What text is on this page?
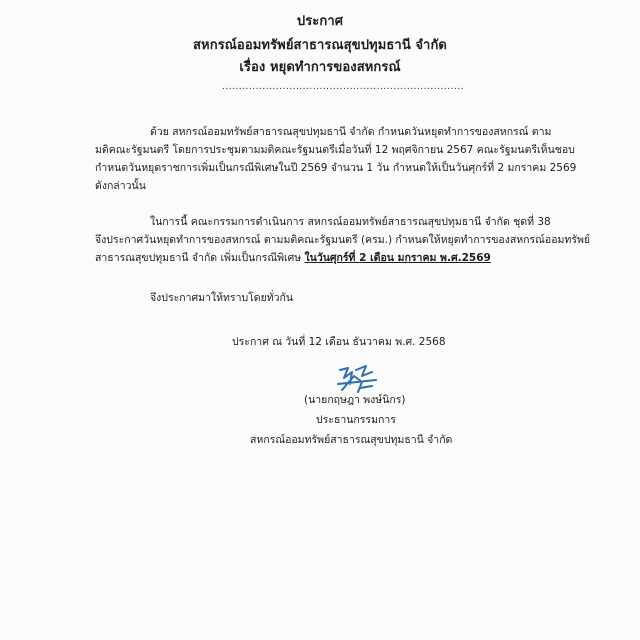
ประกาศ
สหกรณ์ออมทรัพย์สาธารณสุขปทุมธานี จำกัด
เรื่อง หยุดทำการของสหกรณ์
........................................................................
ด้วย สหกรณ์ออมทรัพย์สาธารณสุขปทุมธานี จำกัด กำหนดวันหยุดทำการของสหกรณ์ ตาม
มติคณะรัฐมนตรี โดยการประชุมตามมติคณะรัฐมนตรีเมื่อวันที่ 12 พฤศจิกายน 2567 คณะรัฐมนตรีเห็นชอบ
กำหนดวันหยุดราชการเพิ่มเป็นกรณีพิเศษในปี 2569 จำนวน 1 วัน กำหนดให้เป็นวันศุกร์ที่ 2 มกราคม 2569
ดังกล่าวนั้น
ในการนี้ คณะกรรมการดำเนินการ สหกรณ์ออมทรัพย์สาธารณสุขปทุมธานี จำกัด ชุดที่ 38
จึงประกาศวันหยุดทำการของสหกรณ์ ตามมติคณะรัฐมนตรี (ครม.) กำหนดให้หยุดทำการของสหกรณ์ออมทรัพย์
สาธารณสุขปทุมธานี จำกัด เพิ่มเป็นกรณีพิเศษ ในวันศุกร์ที่ 2 เดือน มกราคม พ.ศ.2569
จึงประกาศมาให้ทราบโดยทั่วกัน
ประกาศ ณ วันที่ 12 เดือน ธันวาคม พ.ศ. 2568
(นายกฤษฎา พงษ์นิกร)
ประธานกรรมการ
สหกรณ์ออมทรัพย์สาธารณสุขปทุมธานี จำกัด
